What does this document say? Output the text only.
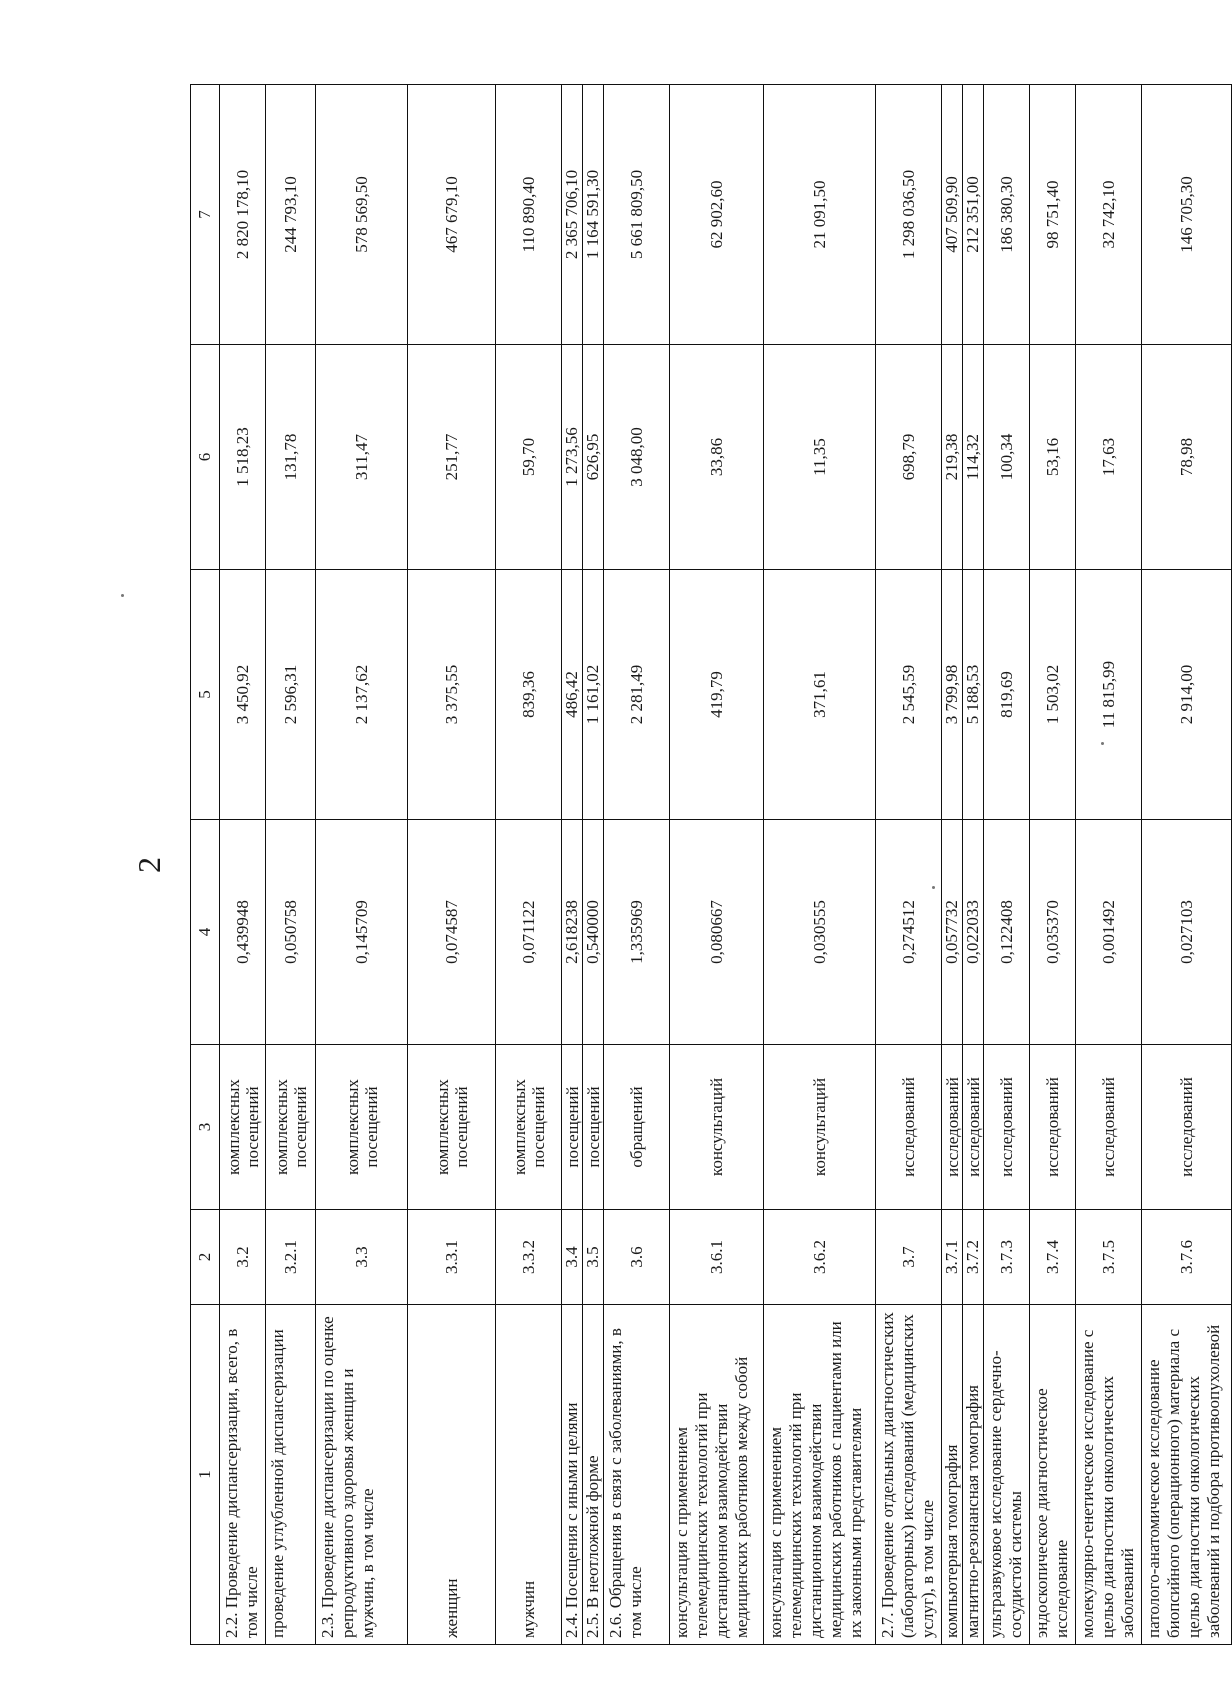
2
1	2	3	4	5	6	7
2.2. Проведение диспансеризации, всего, в том числе	3.2	комплексных посещений	0,439948	3 450,92	1 518,23	2 820 178,10
проведение углубленной диспансеризации	3.2.1	комплексных посещений	0,050758	2 596,31	131,78	244 793,10
2.3. Проведение диспансеризации по оценке репродуктивного здоровья женщин и мужчин, в том числе	3.3	комплексных посещений	0,145709	2 137,62	311,47	578 569,50
женщин	3.3.1	комплексных посещений	0,074587	3 375,55	251,77	467 679,10
мужчин	3.3.2	комплексных посещений	0,071122	839,36	59,70	110 890,40
2.4. Посещения с иными целями	3.4	посещений	2,618238	486,42	1 273,56	2 365 706,10
2.5. В неотложной форме	3.5	посещений	0,540000	1 161,02	626,95	1 164 591,30
2.6. Обращения в связи с заболеваниями, в том числе	3.6	обращений	1,335969	2 281,49	3 048,00	5 661 809,50
консультация с применением телемедицинских технологий при дистанционном взаимодействии медицинских работников между собой	3.6.1	консультаций	0,080667	419,79	33,86	62 902,60
консультация с применением телемедицинских технологий при дистанционном взаимодействии медицинских работников с пациентами или их законными представителями	3.6.2	консультаций	0,030555	371,61	11,35	21 091,50
2.7. Проведение отдельных диагностических (лабораторных) исследований (медицинских услуг), в том числе	3.7	исследований	0,274512	2 545,59	698,79	1 298 036,50
компьютерная томография	3.7.1	исследований	0,057732	3 799,98	219,38	407 509,90
магнитно-резонансная томография	3.7.2	исследований	0,022033	5 188,53	114,32	212 351,00
ультразвуковое исследование сердечно-сосудистой системы	3.7.3	исследований	0,122408	819,69	100,34	186 380,30
эндоскопическое диагностическое исследование	3.7.4	исследований	0,035370	1 503,02	53,16	98 751,40
молекулярно-генетическое исследование с целью диагностики онкологических заболеваний	3.7.5	исследований	0,001492	11 815,99	17,63	32 742,10
патолого-анатомическое исследование биопсийного (операционного) материала с целью диагностики онкологических заболеваний и подбора противоопухолевой	3.7.6	исследований	0,027103	2 914,00	78,98	146 705,30
